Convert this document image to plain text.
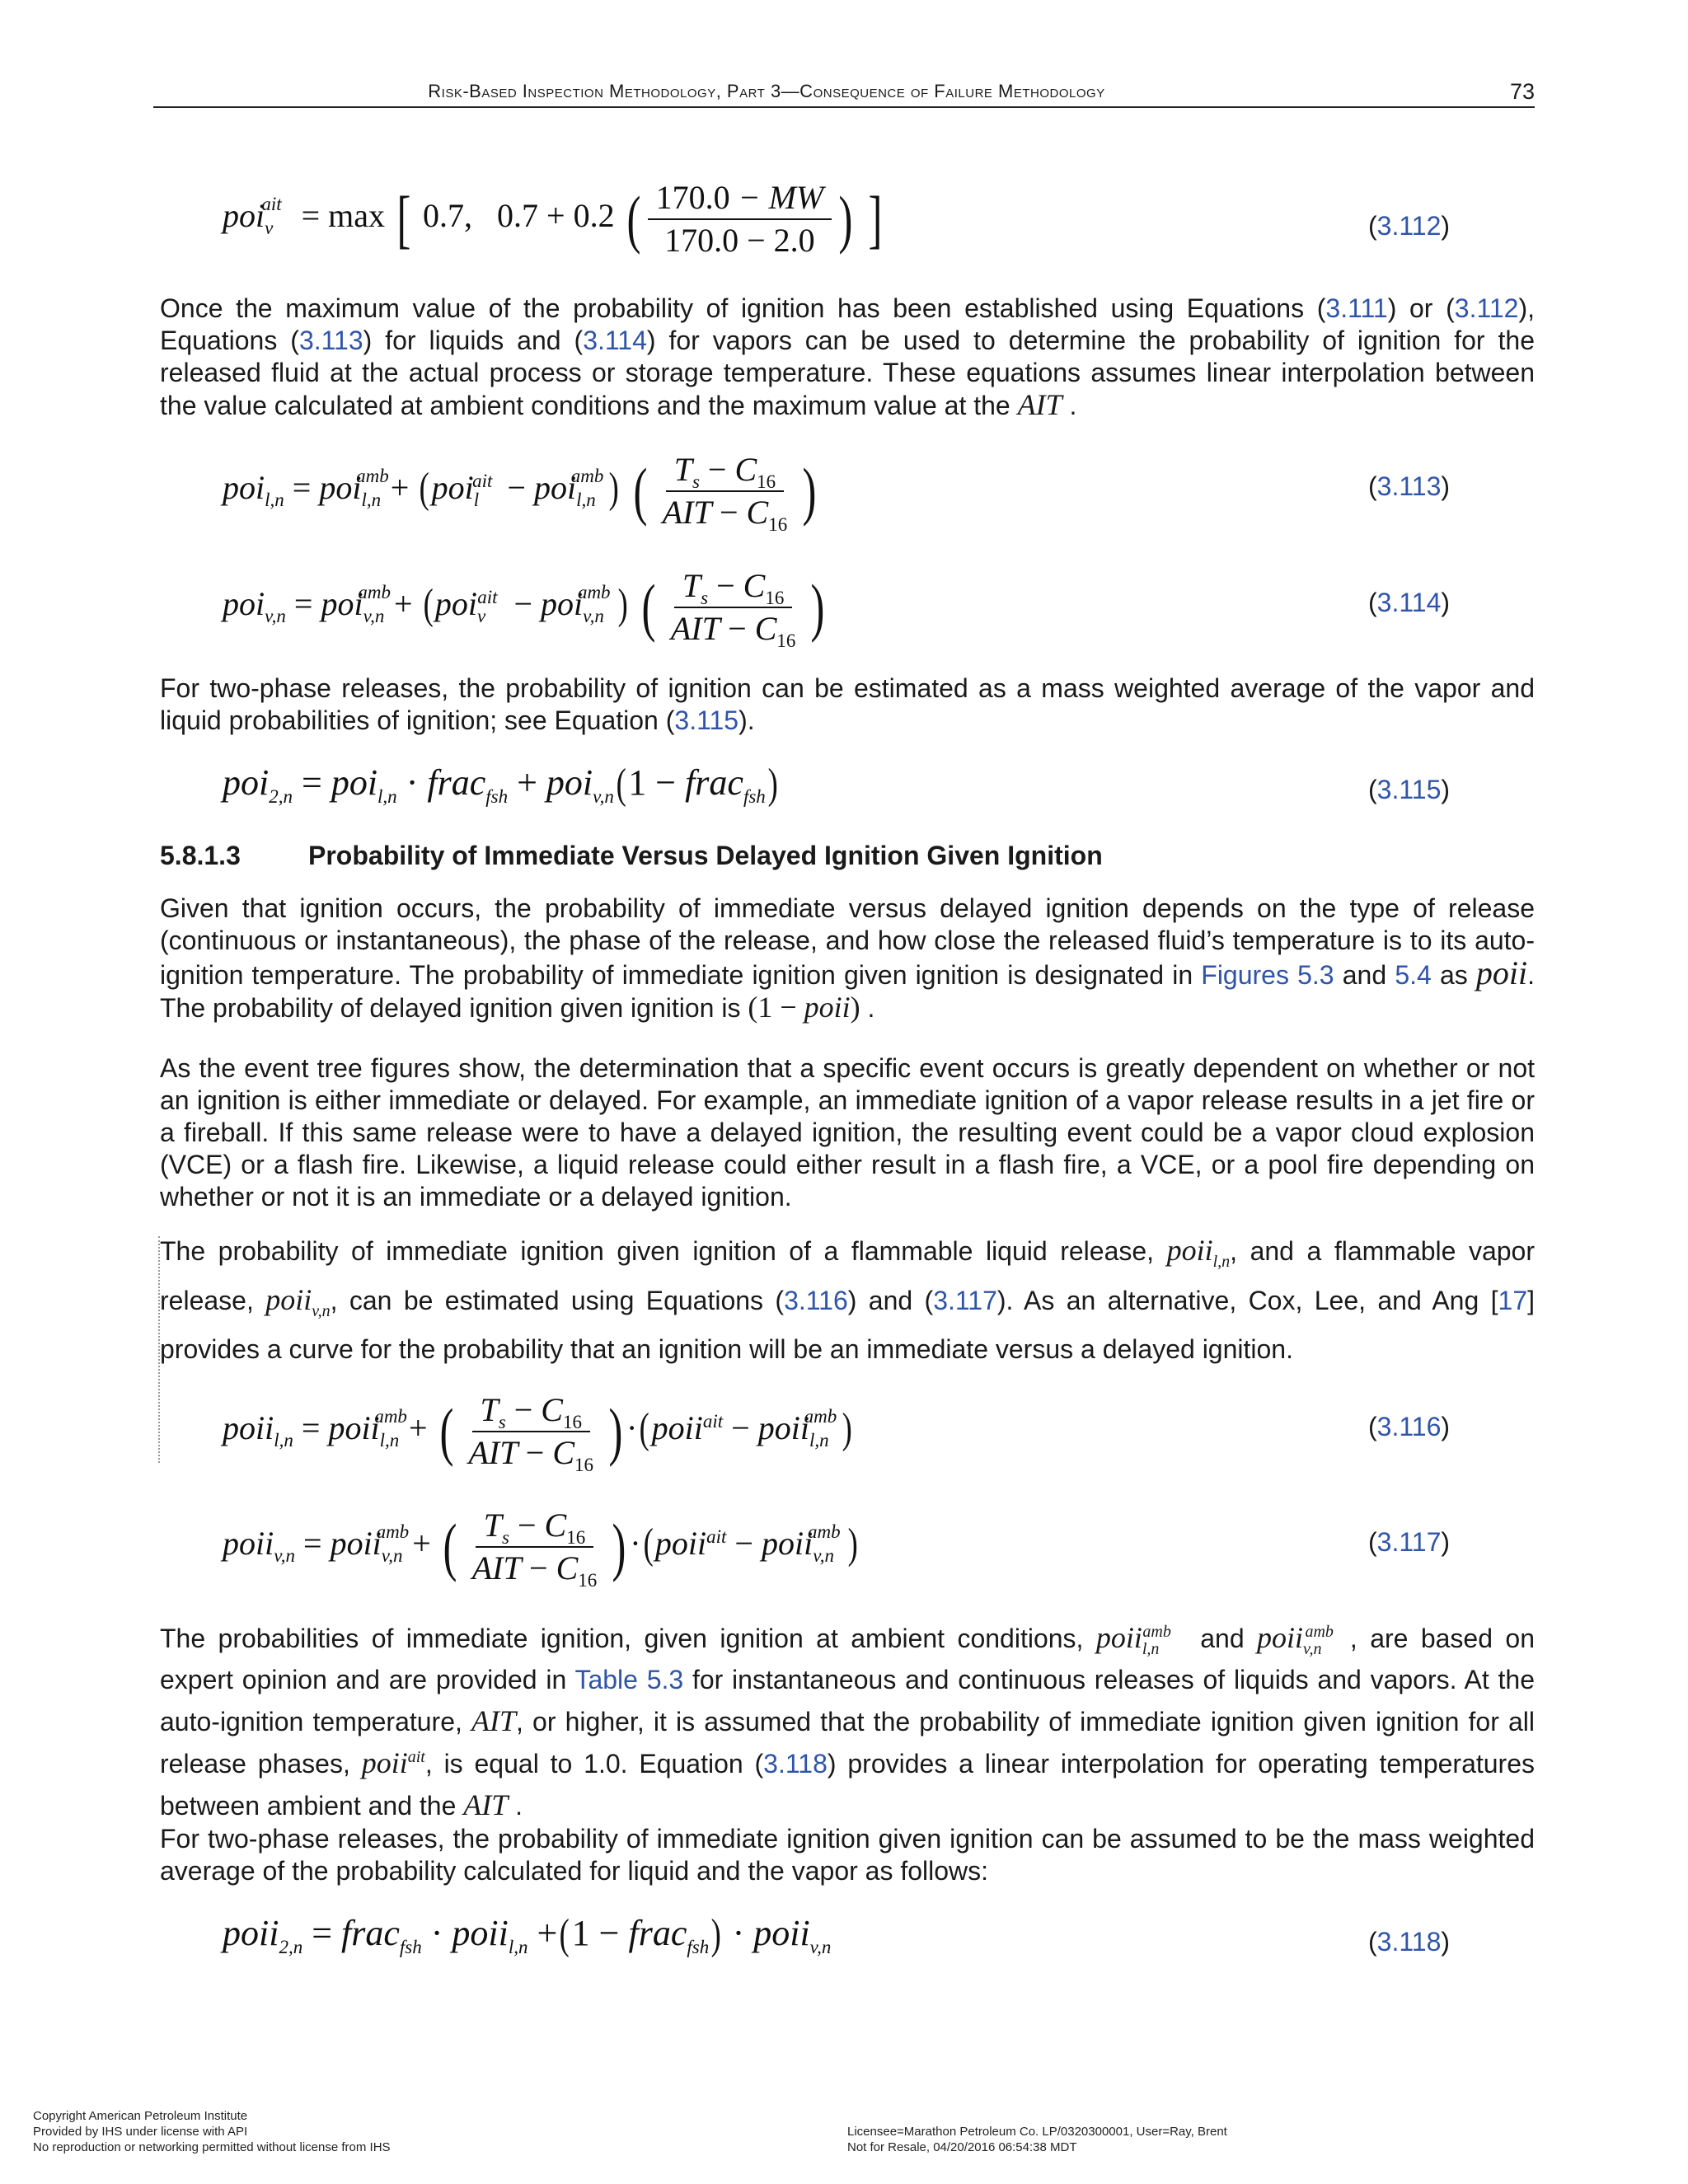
Risk-Based Inspection Methodology, Part 3—Consequence of Failure Methodology	73
poi$_v^{ait}$ = max [ 0.7, 0.7 + 0.2 ( $\frac{170.0 - MW}{170.0 - 2.0}$ ) ]	(3.112)
Once the maximum value of the probability of ignition has been established using Equations (3.111) or (3.112), Equations (3.113) for liquids and (3.114) for vapors can be used to determine the probability of ignition for the released fluid at the actual process or storage temperature. These equations assumes linear interpolation between the value calculated at ambient conditions and the maximum value at the AIT .
poi$_{l,n}$ = poi$_{l,n}^{amb}$+ (poi$_l^{ait}$ − poi$_{l,n}^{amb}$ ) ( $\frac{T_s - C_{16}}{AIT - C_{16}}$ )	(3.113)
poi$_{v,n}$ = poi$_{v,n}^{amb}$ + (poi$_v^{ait}$ − poi$_{v,n}^{amb}$ ) ( $\frac{T_s - C_{16}}{AIT - C_{16}}$ )	(3.114)
For two-phase releases, the probability of ignition can be estimated as a mass weighted average of the vapor and liquid probabilities of ignition; see Equation (3.115).
poi$_{2,n}$ = poi$_{l,n}$ · frac$_{fsh}$ + poi$_{v,n}$(1 − frac$_{fsh}$)	(3.115)
5.8.1.3	Probability of Immediate Versus Delayed Ignition Given Ignition
Given that ignition occurs, the probability of immediate versus delayed ignition depends on the type of release (continuous or instantaneous), the phase of the release, and how close the released fluid’s temperature is to its auto-ignition temperature. The probability of immediate ignition given ignition is designated in Figures 5.3 and 5.4 as poii. The probability of delayed ignition given ignition is (1 − poii) .
As the event tree figures show, the determination that a specific event occurs is greatly dependent on whether or not an ignition is either immediate or delayed. For example, an immediate ignition of a vapor release results in a jet fire or a fireball. If this same release were to have a delayed ignition, the resulting event could be a vapor cloud explosion (VCE) or a flash fire. Likewise, a liquid release could either result in a flash fire, a VCE, or a pool fire depending on whether or not it is an immediate or a delayed ignition.
The probability of immediate ignition given ignition of a flammable liquid release, poii$_{l,n}$, and a flammable vapor release, poii$_{v,n}$, can be estimated using Equations (3.116) and (3.117). As an alternative, Cox, Lee, and Ang [17] provides a curve for the probability that an ignition will be an immediate versus a delayed ignition.
poii$_{l,n}$ = poii$_{l,n}^{amb}$+ ( $\frac{T_s - C_{16}}{AIT - C_{16}}$ ) ·(poii$^{ait}$ − poii$_{l,n}^{amb}$ )	(3.116)
poii$_{v,n}$ = poii$_{v,n}^{amb}$ + ( $\frac{T_s - C_{16}}{AIT - C_{16}}$ ) ·(poii$^{ait}$ − poii$_{v,n}^{amb}$ )	(3.117)
The probabilities of immediate ignition, given ignition at ambient conditions, poii$_{l,n}^{amb}$ and poii$_{v,n}^{amb}$ , are based on expert opinion and are provided in Table 5.3 for instantaneous and continuous releases of liquids and vapors. At the auto-ignition temperature, AIT, or higher, it is assumed that the probability of immediate ignition given ignition for all release phases, poii$^{ait}$, is equal to 1.0. Equation (3.118) provides a linear interpolation for operating temperatures between ambient and the AIT .
For two-phase releases, the probability of immediate ignition given ignition can be assumed to be the mass weighted average of the probability calculated for liquid and the vapor as follows:
poii$_{2,n}$ = frac$_{fsh}$ · poii$_{l,n}$ +(1 − frac$_{fsh}$) · poii$_{v,n}$	(3.118)
Copyright American Petroleum Institute
Provided by IHS under license with API
No reproduction or networking permitted without license from IHS
Licensee=Marathon Petroleum Co. LP/0320300001, User=Ray, Brent
Not for Resale, 04/20/2016 06:54:38 MDT
